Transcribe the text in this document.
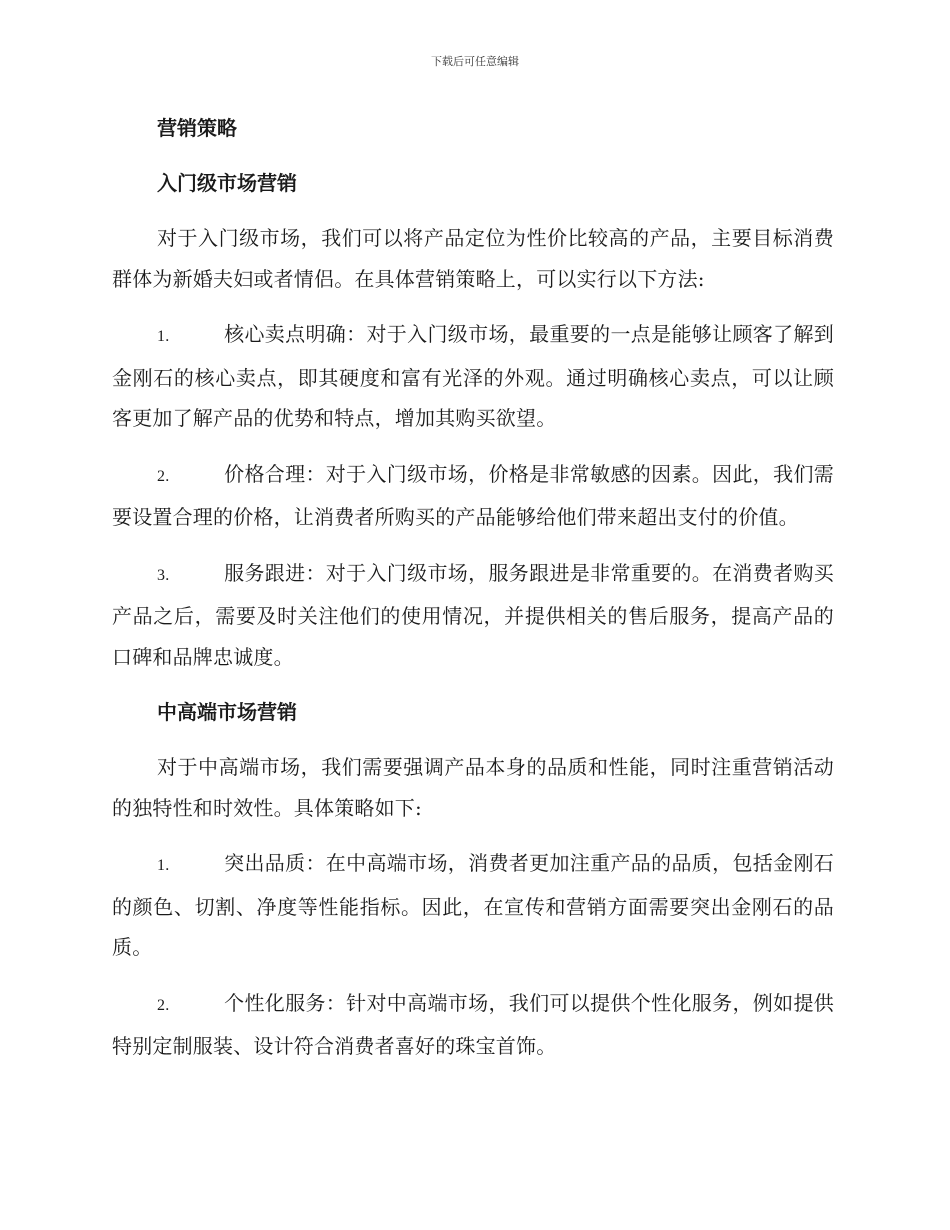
下载后可任意编辑
营销策略
入门级市场营销

对于入门级市场，我们可以将产品定位为性价比较高的产品，主要目标消费群体为新婚夫妇或者情侣。在具体营销策略上，可以实行以下方法:

1.	核心卖点明确：对于入门级市场，最重要的一点是能够让顾客了解到金刚石的核心卖点，即其硬度和富有光泽的外观。通过明确核心卖点，可以让顾客更加了解产品的优势和特点，增加其购买欲望。

2.	价格合理：对于入门级市场，价格是非常敏感的因素。因此，我们需要设置合理的价格，让消费者所购买的产品能够给他们带来超出支付的价值。

3.	服务跟进：对于入门级市场，服务跟进是非常重要的。在消费者购买产品之后，需要及时关注他们的使用情况，并提供相关的售后服务，提高产品的口碑和品牌忠诚度。

中高端市场营销

对于中高端市场，我们需要强调产品本身的品质和性能，同时注重营销活动的独特性和时效性。具体策略如下:

1.	突出品质：在中高端市场，消费者更加注重产品的品质，包括金刚石的颜色、切割、净度等性能指标。因此，在宣传和营销方面需要突出金刚石的品质。

2.	个性化服务：针对中高端市场，我们可以提供个性化服务，例如提供特别定制服装、设计符合消费者喜好的珠宝首饰。
